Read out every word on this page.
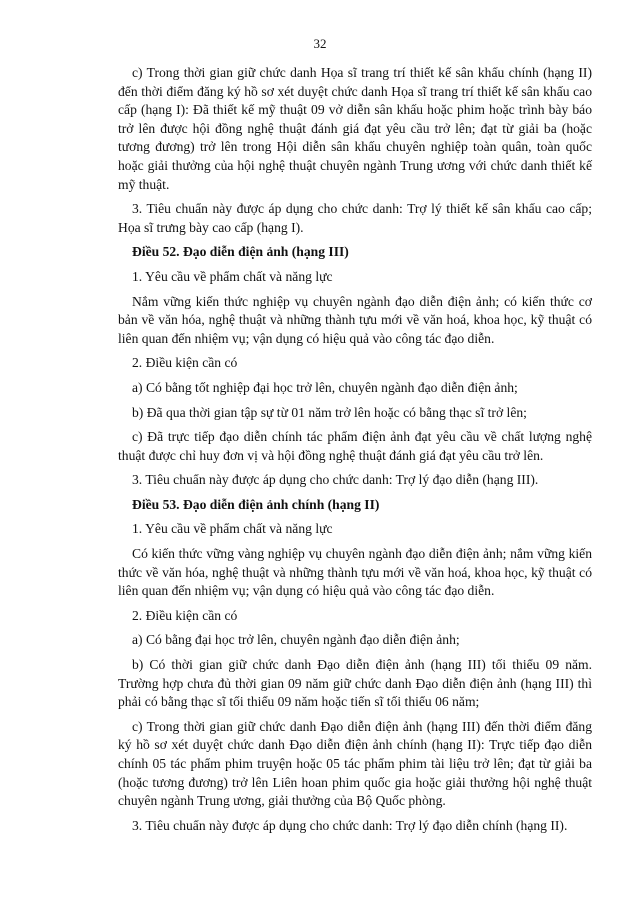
32

c) Trong thời gian giữ chức danh Họa sĩ trang trí thiết kế sân khấu chính (hạng II) đến thời điểm đăng ký hồ sơ xét duyệt chức danh Họa sĩ trang trí thiết kế sân khấu cao cấp (hạng I): Đã thiết kế mỹ thuật 09 vở diễn sân khấu hoặc phim hoặc trình bày báo trở lên được hội đồng nghệ thuật đánh giá đạt yêu cầu trở lên; đạt từ giải ba (hoặc tương đương) trở lên trong Hội diễn sân khấu chuyên nghiệp toàn quân, toàn quốc hoặc giải thưởng của hội nghệ thuật chuyên ngành Trung ương với chức danh thiết kế mỹ thuật.

3. Tiêu chuẩn này được áp dụng cho chức danh: Trợ lý thiết kế sân khấu cao cấp; Họa sĩ trưng bày cao cấp (hạng I).

Điều 52. Đạo diễn điện ảnh (hạng III)

1. Yêu cầu về phẩm chất và năng lực

Nắm vững kiến thức nghiệp vụ chuyên ngành đạo diễn điện ảnh; có kiến thức cơ bản về văn hóa, nghệ thuật và những thành tựu mới về văn hoá, khoa học, kỹ thuật có liên quan đến nhiệm vụ; vận dụng có hiệu quả vào công tác đạo diễn.

2. Điều kiện cần có

a) Có bằng tốt nghiệp đại học trở lên, chuyên ngành đạo diễn điện ảnh;

b) Đã qua thời gian tập sự từ 01 năm trở lên hoặc có bằng thạc sĩ trở lên;

c) Đã trực tiếp đạo diễn chính tác phẩm điện ảnh đạt yêu cầu về chất lượng nghệ thuật được chỉ huy đơn vị và hội đồng nghệ thuật đánh giá đạt yêu cầu trở lên.

3. Tiêu chuẩn này được áp dụng cho chức danh: Trợ lý đạo diễn (hạng III).

Điều 53. Đạo diễn điện ảnh chính (hạng II)

1. Yêu cầu về phẩm chất và năng lực

Có kiến thức vững vàng nghiệp vụ chuyên ngành đạo diễn điện ảnh; nắm vững kiến thức về văn hóa, nghệ thuật và những thành tựu mới về văn hoá, khoa học, kỹ thuật có liên quan đến nhiệm vụ; vận dụng có hiệu quả vào công tác đạo diễn.

2. Điều kiện cần có

a) Có bằng đại học trở lên, chuyên ngành đạo diễn điện ảnh;

b) Có thời gian giữ chức danh Đạo diễn điện ảnh (hạng III) tối thiểu 09 năm. Trường hợp chưa đủ thời gian 09 năm giữ chức danh Đạo diễn điện ảnh (hạng III) thì phải có bằng thạc sĩ tối thiểu 09 năm hoặc tiến sĩ tối thiểu 06 năm;

c) Trong thời gian giữ chức danh Đạo diễn điện ảnh (hạng III) đến thời điểm đăng ký hồ sơ xét duyệt chức danh Đạo diễn điện ảnh chính (hạng II): Trực tiếp đạo diễn chính 05 tác phẩm phim truyện hoặc 05 tác phẩm phim tài liệu trở lên; đạt từ giải ba (hoặc tương đương) trở lên Liên hoan phim quốc gia hoặc giải thưởng hội nghệ thuật chuyên ngành Trung ương, giải thưởng của Bộ Quốc phòng.

3. Tiêu chuẩn này được áp dụng cho chức danh: Trợ lý đạo diễn chính (hạng II).
